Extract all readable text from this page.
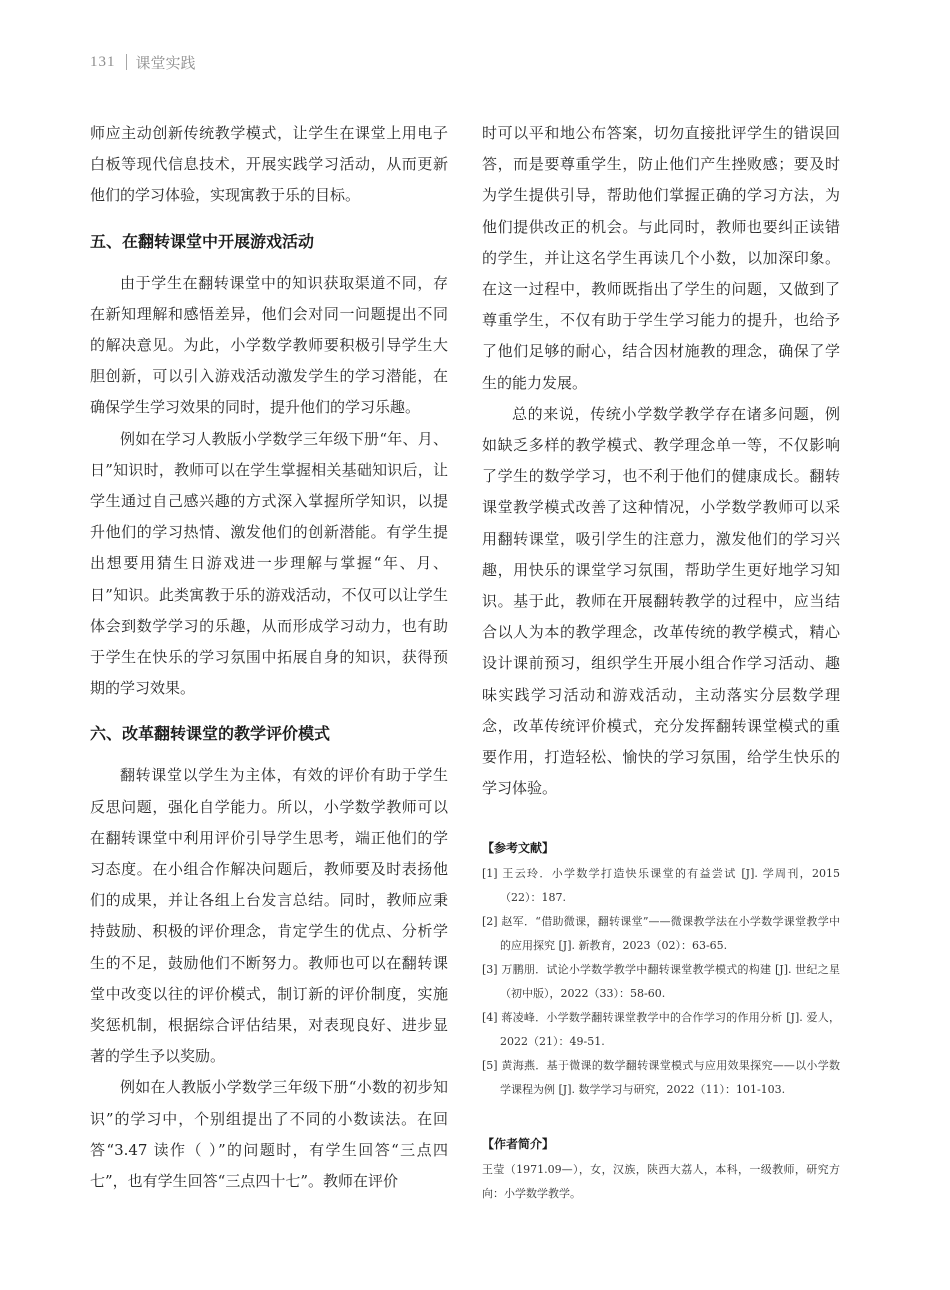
131 课堂实践

师应主动创新传统教学模式，让学生在课堂上用电子白板等现代信息技术，开展实践学习活动，从而更新他们的学习体验，实现寓教于乐的目标。

五、在翻转课堂中开展游戏活动

由于学生在翻转课堂中的知识获取渠道不同，存在新知理解和感悟差异，他们会对同一问题提出不同的解决意见。为此，小学数学教师要积极引导学生大胆创新，可以引入游戏活动激发学生的学习潜能，在确保学生学习效果的同时，提升他们的学习乐趣。

例如在学习人教版小学数学三年级下册“年、月、日”知识时，教师可以在学生掌握相关基础知识后，让学生通过自己感兴趣的方式深入掌握所学知识，以提升他们的学习热情、激发他们的创新潜能。有学生提出想要用猜生日游戏进一步理解与掌握“年、月、日”知识。此类寓教于乐的游戏活动，不仅可以让学生体会到数学学习的乐趣，从而形成学习动力，也有助于学生在快乐的学习氛围中拓展自身的知识，获得预期的学习效果。

六、改革翻转课堂的教学评价模式

翻转课堂以学生为主体，有效的评价有助于学生反思问题，强化自学能力。所以，小学数学教师可以在翻转课堂中利用评价引导学生思考，端正他们的学习态度。在小组合作解决问题后，教师要及时表扬他们的成果，并让各组上台发言总结。同时，教师应秉持鼓励、积极的评价理念，肯定学生的优点、分析学生的不足，鼓励他们不断努力。教师也可以在翻转课堂中改变以往的评价模式，制订新的评价制度，实施奖惩机制，根据综合评估结果，对表现良好、进步显著的学生予以奖励。

例如在人教版小学数学三年级下册“小数的初步知识”的学习中，个别组提出了不同的小数读法。在回答“3.47 读作（ ）”的问题时，有学生回答“三点四七”，也有学生回答“三点四十七”。教师在评价

时可以平和地公布答案，切勿直接批评学生的错误回答，而是要尊重学生，防止他们产生挫败感；要及时为学生提供引导，帮助他们掌握正确的学习方法，为他们提供改正的机会。与此同时，教师也要纠正读错的学生，并让这名学生再读几个小数，以加深印象。在这一过程中，教师既指出了学生的问题，又做到了尊重学生，不仅有助于学生学习能力的提升，也给予了他们足够的耐心，结合因材施教的理念，确保了学生的能力发展。

总的来说，传统小学数学教学存在诸多问题，例如缺乏多样的教学模式、教学理念单一等，不仅影响了学生的数学学习，也不利于他们的健康成长。翻转课堂教学模式改善了这种情况，小学数学教师可以采用翻转课堂，吸引学生的注意力，激发他们的学习兴趣，用快乐的课堂学习氛围，帮助学生更好地学习知识。基于此，教师在开展翻转教学的过程中，应当结合以人为本的教学理念，改革传统的教学模式，精心设计课前预习，组织学生开展小组合作学习活动、趣味实践学习活动和游戏活动，主动落实分层数学理念，改革传统评价模式，充分发挥翻转课堂模式的重要作用，打造轻松、愉快的学习氛围，给学生快乐的学习体验。

【参考文献】

[1] 王云玲．小学数学打造快乐课堂的有益尝试 [J]. 学周刊，2015（22）：187.

[2] 赵军．“借助微课，翻转课堂”——微课教学法在小学数学课堂教学中的应用探究 [J]. 新教育，2023（02）：63-65.

[3] 万鹏朋．试论小学数学教学中翻转课堂教学模式的构建 [J]. 世纪之星（初中版），2022（33）：58-60.

[4] 蒋凌峰．小学数学翻转课堂教学中的合作学习的作用分析 [J]. 爱人，2022（21）：49-51.

[5] 黄海燕．基于微课的数学翻转课堂模式与应用效果探究——以小学数学课程为例 [J]. 数学学习与研究，2022（11）：101-103.

【作者简介】

王莹（1971.09—），女，汉族，陕西大荔人，本科，一级教师，研究方向：小学数学教学。
